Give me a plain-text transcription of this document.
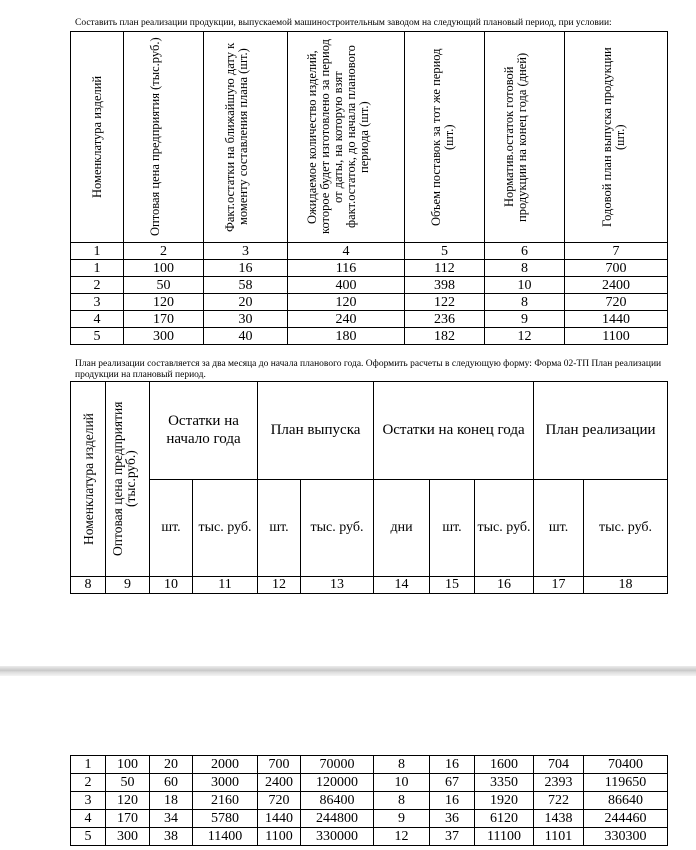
Составить план реализации продукции, выпускаемой машиностроительным заводом на следующий плановый период, при условии:
Номенклатура изделий	Оптовая цена предприятия (тыс.руб.)	Факт.остатки на ближайшую дату к моменту составления плана (шт.)	Ожидаемое количество изделий, которое будет изготовлено за период от даты, на которую взят факт.остаток, до начала планового периода (шт.)	Объем поставок за тот же период (шт.)	Норматив.остаток готовой продукции на конец года (дней)	Годовой план выпуска продукции (шт.)

1	2	3	4	5	6	7
1	100	16	116	112	8	700
2	50	58	400	398	10	2400
3	120	20	120	122	8	720
4	170	30	240	236	9	1440
5	300	40	180	182	12	1100
План реализации составляется за два месяца до начала планового года. Оформить расчеты в следующую форму: Форма 02-ТП План реализации продукции на плановый период.
Номенклатура изделий	Оптовая цена предприятия (тыс.руб.)	Остатки на начало года		План выпуска		Остатки на конец года			План реализации	
		шт.	тыс. руб.	шт.	тыс. руб.	дни	шт.	тыс. руб.	шт.	тыс. руб.
8	9	10	11	12	13	14	15	16	17	18
1	100	20	2000	700	70000	8	16	1600	704	70400
2	50	60	3000	2400	120000	10	67	3350	2393	119650
3	120	18	2160	720	86400	8	16	1920	722	86640
4	170	34	5780	1440	244800	9	36	6120	1438	244460
5	300	38	11400	1100	330000	12	37	11100	1101	330300
